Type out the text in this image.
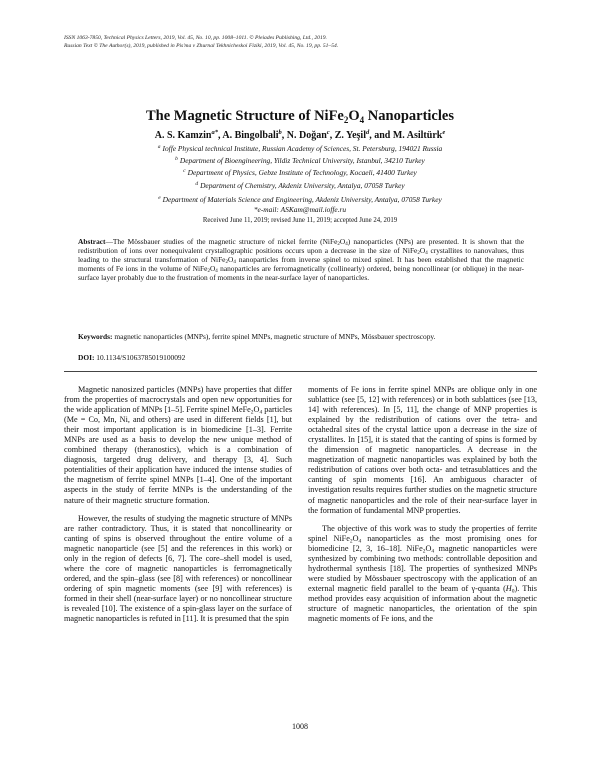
ISSN 1063-7850, Technical Physics Letters, 2019, Vol. 45, No. 10, pp. 1008–1011. © Pleiades Publishing, Ltd., 2019.
Russian Text © The Author(s), 2019, published in Pis'ma v Zhurnal Tekhnicheskoi Fiziki, 2019, Vol. 45, No. 19, pp. 51–54.
The Magnetic Structure of $NiFe_2O_4$ Nanoparticles
A. S. Kamzin$^{a*}$, A. Bingolbali$^b$, N. Doğan$^c$, Z. Yeşil$^d$, and M. Asiltürk$^e$
$^a$ Ioffe Physical technical Institute, Russian Academy of Sciences, St. Petersburg, 194021 Russia
$^b$ Department of Bioengineering, Yildiz Technical University, Istanbul, 34210 Turkey
$^c$ Department of Physics, Gebze Institute of Technology, Kocaeli, 41400 Turkey
$^d$ Department of Chemistry, Akdeniz University, Antalya, 07058 Turkey
$^e$ Department of Materials Science and Engineering, Akdeniz University, Antalya, 07058 Turkey
*e-mail: ASKam@mail.ioffe.ru
Received June 11, 2019; revised June 11, 2019; accepted June 24, 2019
Abstract—The Mössbauer studies of the magnetic structure of nickel ferrite $(NiFe_2O_4)$ nanoparticles (NPs) are presented. It is shown that the redistribution of ions over nonequivalent crystallographic positions occurs upon a decrease in the size of $NiFe_2O_4$ crystallites to nanovalues, thus leading to the structural transformation of $NiFe_2O_4$ nanoparticles from inverse spinel to mixed spinel. It has been established that the magnetic moments of Fe ions in the volume of $NiFe_2O_4$ nanoparticles are ferromagnetically (collinearly) ordered, being noncollinear (or oblique) in the near-surface layer probably due to the frustration of moments in the near-surface layer of nanoparticles.
Keywords: magnetic nanoparticles (MNPs), ferrite spinel MNPs, magnetic structure of MNPs, Mössbauer spectroscopy.
DOI: 10.1134/S1063785019100092

Magnetic nanosized particles (MNPs) have properties that differ from the properties of macrocrystals and open new opportunities for the wide application of MNPs [1–5]. Ferrite spinel $MeFe_2O_4$ particles (Me = Co, Mn, Ni, and others) are used in different fields [1], but their most important application is in biomedicine [1–3]. Ferrite MNPs are used as a basis to develop the new unique method of combined therapy (theranostics), which is a combination of diagnosis, targeted drug delivery, and therapy [3, 4]. Such potentialities of their application have induced the intense studies of the magnetism of ferrite spinel MNPs [1–4]. One of the important aspects in the study of ferrite MNPs is the understanding of the nature of their magnetic structure formation.

However, the results of studying the magnetic structure of MNPs are rather contradictory. Thus, it is stated that noncollinearity or canting of spins is observed throughout the entire volume of a magnetic nanoparticle (see [5] and the references in this work) or only in the region of defects [6, 7]. The core–shell model is used, where the core of magnetic nanoparticles is ferromagnetically ordered, and the spin–glass (see [8] with references) or noncollinear ordering of spin magnetic moments (see [9] with references) is formed in their shell (near-surface layer) or no noncollinear structure is revealed [10]. The existence of a spin-glass layer on the surface of magnetic nanoparticles is refuted in [11]. It is presumed that the spin

moments of Fe ions in ferrite spinel MNPs are oblique only in one sublattice (see [5, 12] with references) or in both sublattices (see [13, 14] with references). In [5, 11], the change of MNP properties is explained by the redistribution of cations over the tetra- and octahedral sites of the crystal lattice upon a decrease in the size of crystallites. In [15], it is stated that the canting of spins is formed by the dimension of magnetic nanoparticles. A decrease in the magnetization of magnetic nanoparticles was explained by both the redistribution of cations over both octa- and tetrasublattices and the canting of spin moments [16]. An ambiguous character of investigation results requires further studies on the magnetic structure of magnetic nanoparticles and the role of their near-surface layer in the formation of fundamental MNP properties.

The objective of this work was to study the properties of ferrite spinel $NiFe_2O_4$ nanoparticles as the most promising ones for biomedicine [2, 3, 16–18]. $NiFe_2O_4$ magnetic nanoparticles were synthesized by combining two methods: controllable deposition and hydrothermal synthesis [18]. The properties of synthesized MNPs were studied by Mössbauer spectroscopy with the application of an external magnetic field parallel to the beam of γ-quanta $(H_0)$. This method provides easy acquisition of information about the magnetic structure of magnetic nanoparticles, the orientation of the spin magnetic moments of Fe ions, and the

1008
